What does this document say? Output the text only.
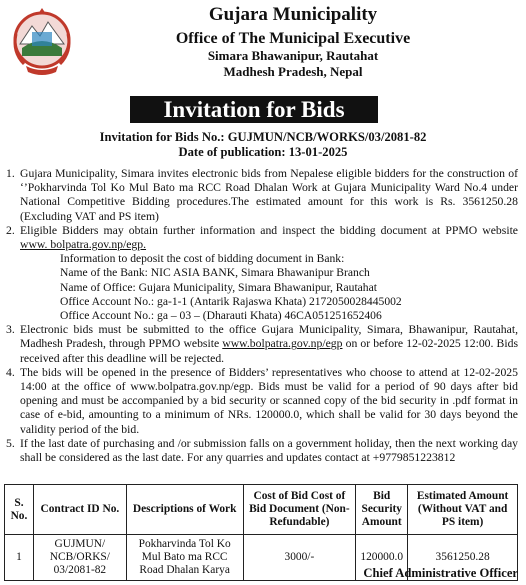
Gujara Municipality
Office of The Municipal Executive
Simara Bhawanipur, Rautahat
Madhesh Pradesh, Nepal
Invitation for Bids
Invitation for Bids No.: GUJMUN/NCB/WORKS/03/2081-82
Date of publication: 13-01-2025
1. Gujara Municipality, Simara invites electronic bids from Nepalese eligible bidders for the construction of ‘’Pokharvinda Tol Ko Mul Bato ma RCC Road Dhalan Work at Gujara Municipality Ward No.4 under National Competitive Bidding procedures.The estimated amount for this work is Rs. 3561250.28 (Excluding VAT and PS item)
2. Eligible Bidders may obtain further information and inspect the bidding document at PPMO website www. bolpatra.gov.np/egp.
Information to deposit the cost of bidding document in Bank:
Name of the Bank: NIC ASIA BANK, Simara Bhawanipur Branch
Name of Office: Gujara Municipality, Simara Bhawanipur, Rautahat
Office Account No.: ga-1-1 (Antarik Rajaswa Khata) 2172050028445002
Office Account No.: ga – 03 – (Dharauti Khata) 46CA051251652406
3. Electronic bids must be submitted to the office Gujara Municipality, Simara, Bhawanipur, Rautahat, Madhesh Pradesh, through PPMO website www.bolpatra.gov.np/egp on or before 12-02-2025 12:00. Bids received after this deadline will be rejected.
4. The bids will be opened in the presence of Bidders’ representatives who choose to attend at 12-02-2025 14:00 at the office of www.bolpatra.gov.np/egp. Bids must be valid for a period of 90 days after bid opening and must be accompanied by a bid security or scanned copy of the bid security in .pdf format in case of e-bid, amounting to a minimum of NRs. 120000.0, which shall be valid for 30 days beyond the validity period of the bid.
5. If the last date of purchasing and /or submission falls on a government holiday, then the next working day shall be considered as the last date. For any quarries and updates contact at +9779851223812
S. No.	Contract ID No.	Descriptions of Work	Cost of Bid Cost of Bid Document (Non- Refundable)	Bid Security Amount	Estimated Amount (Without VAT and PS item)
1	GUJMUN/ NCB/ORKS/ 03/2081-82	Pokharvinda Tol Ko Mul Bato ma RCC Road Dhalan Karya	3000/-	120000.0	3561250.28
Chief Administrative Officer
